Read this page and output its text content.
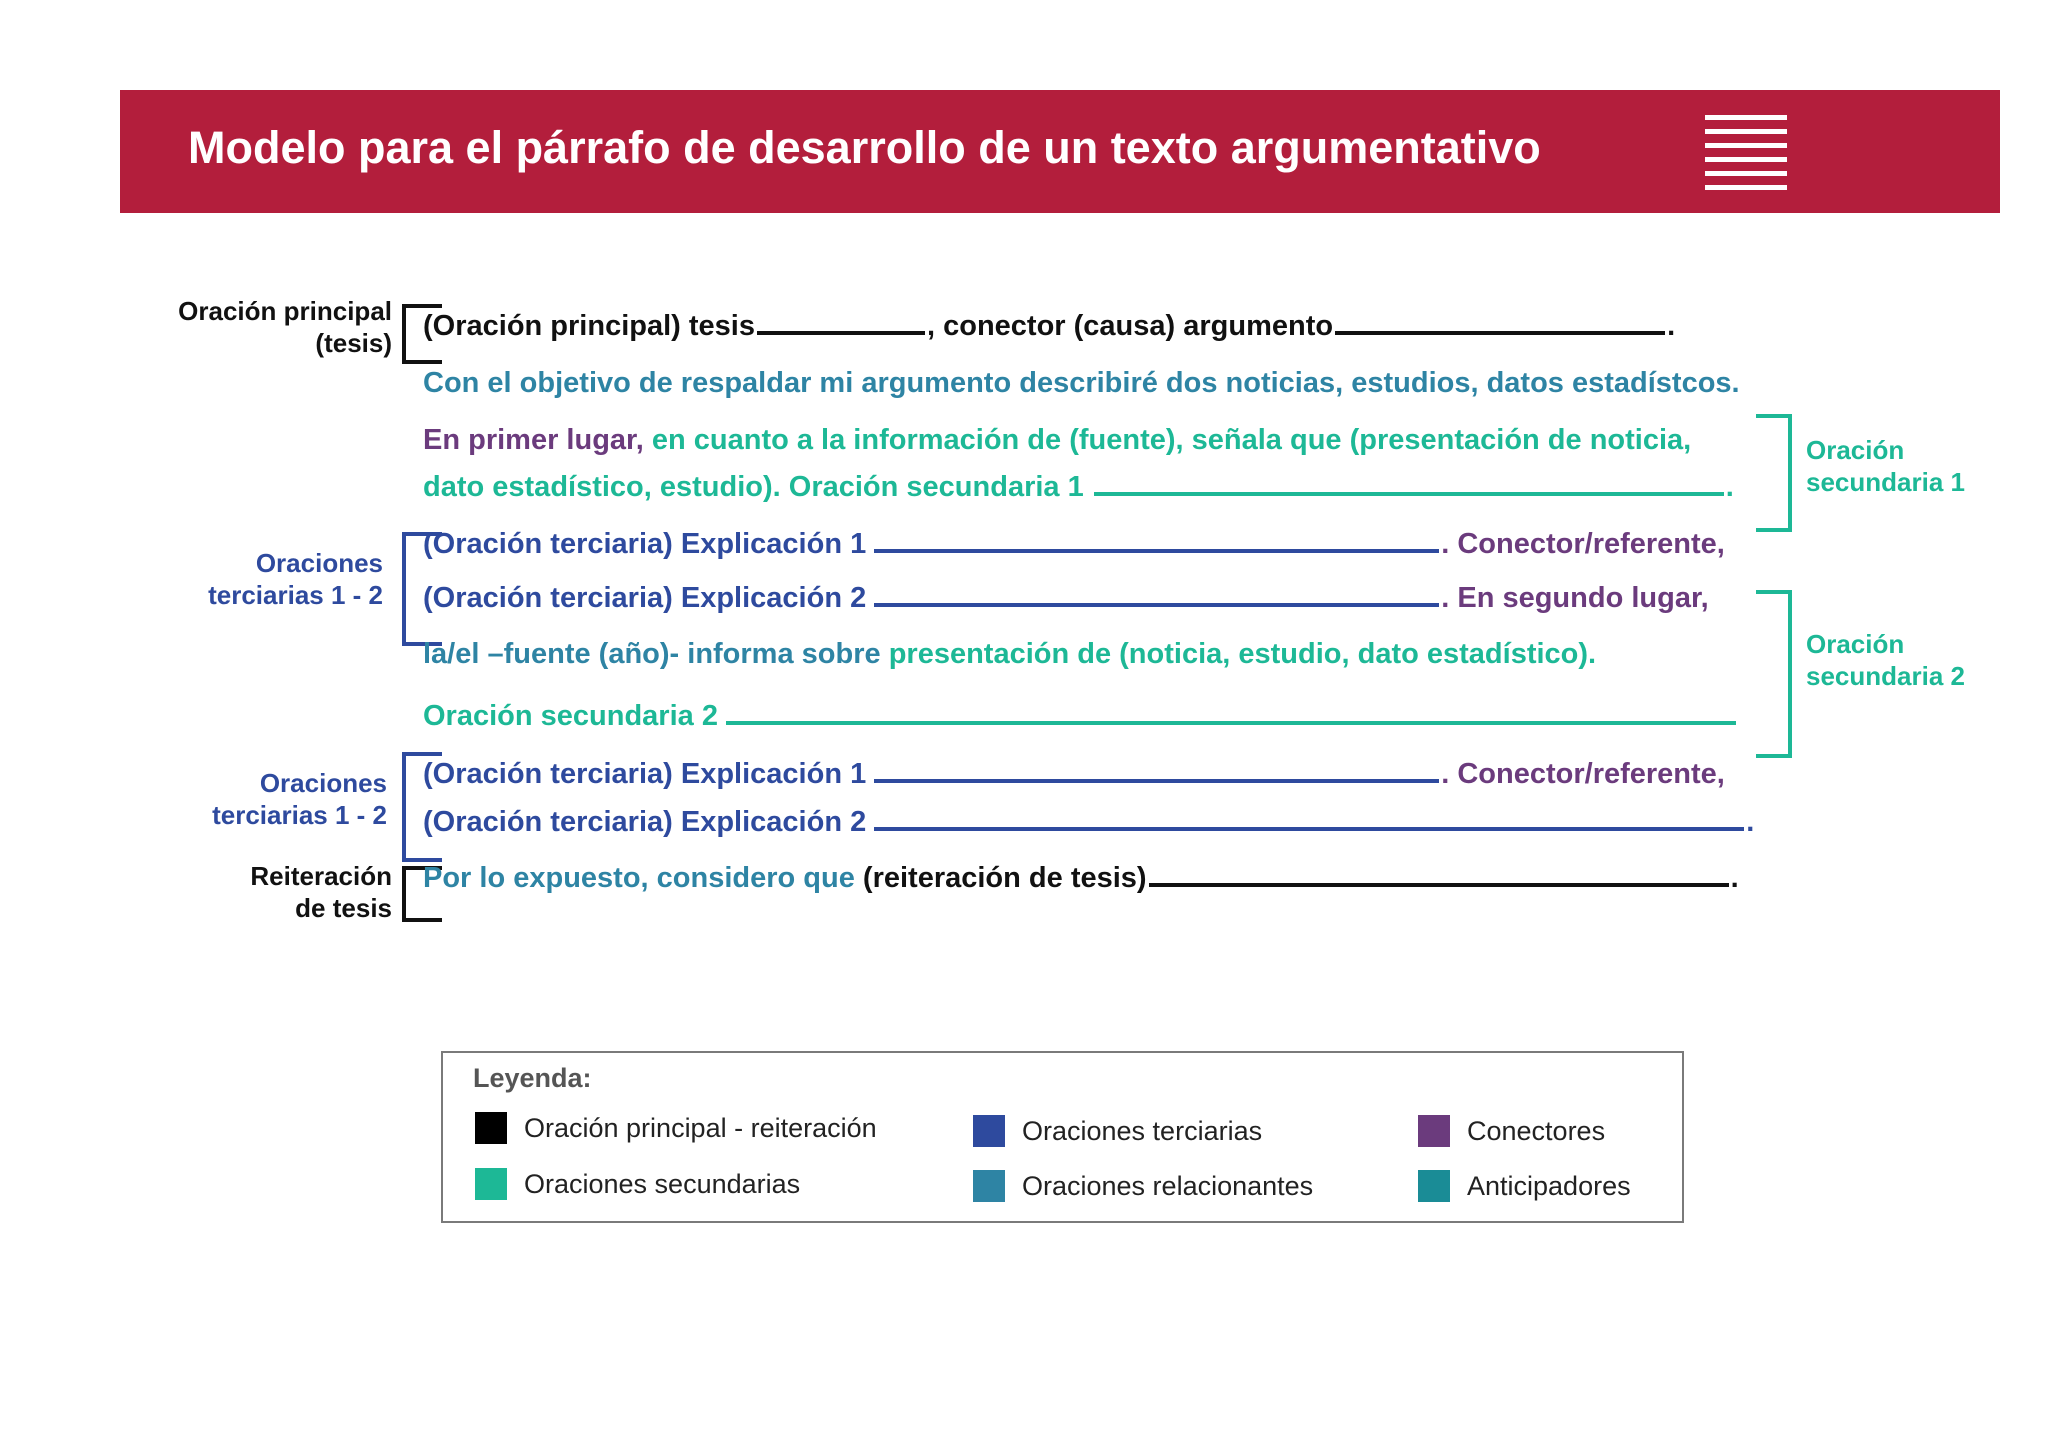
Modelo para el párrafo de desarrollo de un texto argumentativo
Oración principal
(tesis)
Oraciones
terciarias 1 - 2
Oraciones
terciarias 1 - 2
Reiteración
de tesis
Oración
secundaria 1
Oración
secundaria 2
(Oración principal) tesis	, conector (causa) argumento	.
Con el objetivo de respaldar mi argumento describiré dos noticias, estudios, datos estadístcos.
En primer lugar, en cuanto a la información de (fuente), señala que (presentación de noticia,
dato estadístico, estudio). Oración secundaria 1	.
(Oración terciaria) Explicación 1	. Conector/referente,
(Oración terciaria) Explicación 2	. En segundo lugar,
la/el –fuente (año)- informa sobre presentación de (noticia, estudio, dato estadístico).
Oración secundaria 2
(Oración terciaria) Explicación 1	. Conector/referente,
(Oración terciaria) Explicación 2	.
Por lo expuesto, considero que (reiteración de tesis)	.
Leyenda:
Oración principal - reiteración	Oraciones terciarias	Conectores
Oraciones secundarias	Oraciones relacionantes	Anticipadores
